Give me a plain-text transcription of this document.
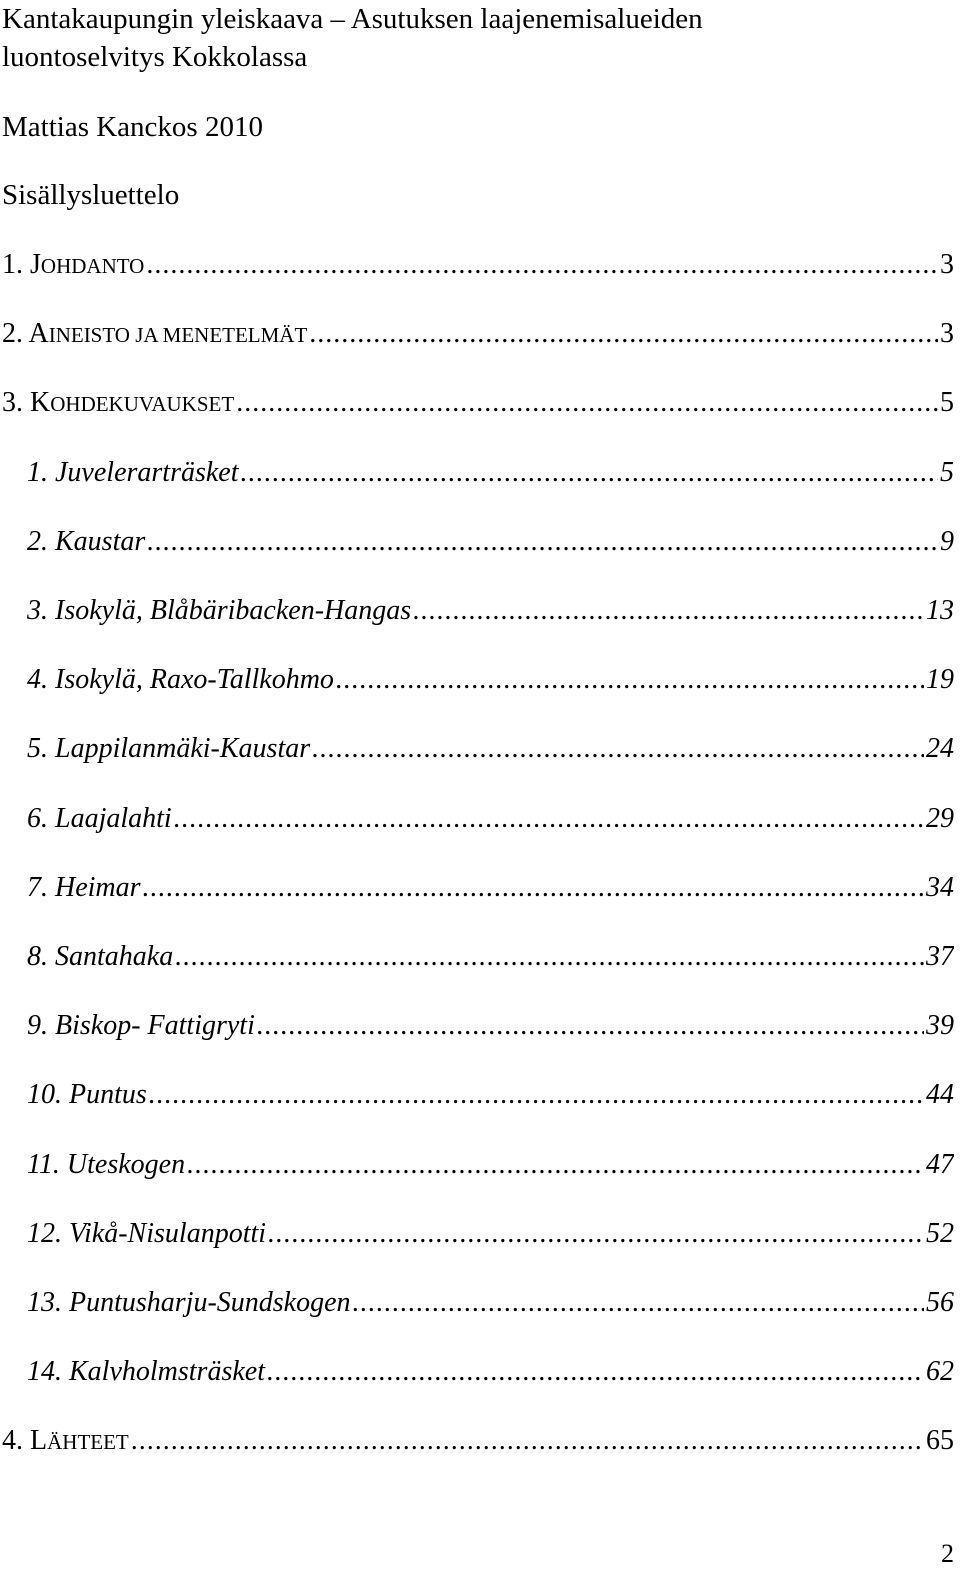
Kantakaupungin yleiskaava – Asutuksen laajenemisalueiden
luontoselvitys Kokkolassa
Mattias Kanckos 2010
Sisällysluettelo
1. JOHDANTO .....	3
2. AINEISTO JA MENETELMÄT .....	3
3. KOHDEKUVAUKSET .....	5
1. Juvelerarträsket .....	5
2. Kaustar .....	9
3. Isokylä, Blåbäribacken-Hangas .....	13
4. Isokylä, Raxo-Tallkohmo .....	19
5. Lappilanmäki-Kaustar .....	24
6. Laajalahti .....	29
7. Heimar .....	34
8. Santahaka .....	37
9. Biskop- Fattigryti .....	39
10. Puntus .....	44
11. Uteskogen .....	47
12. Vikå-Nisulanpotti .....	52
13. Puntusharju-Sundskogen .....	56
14. Kalvholmsträsket .....	62
4. LÄHTEET .....	65
2
